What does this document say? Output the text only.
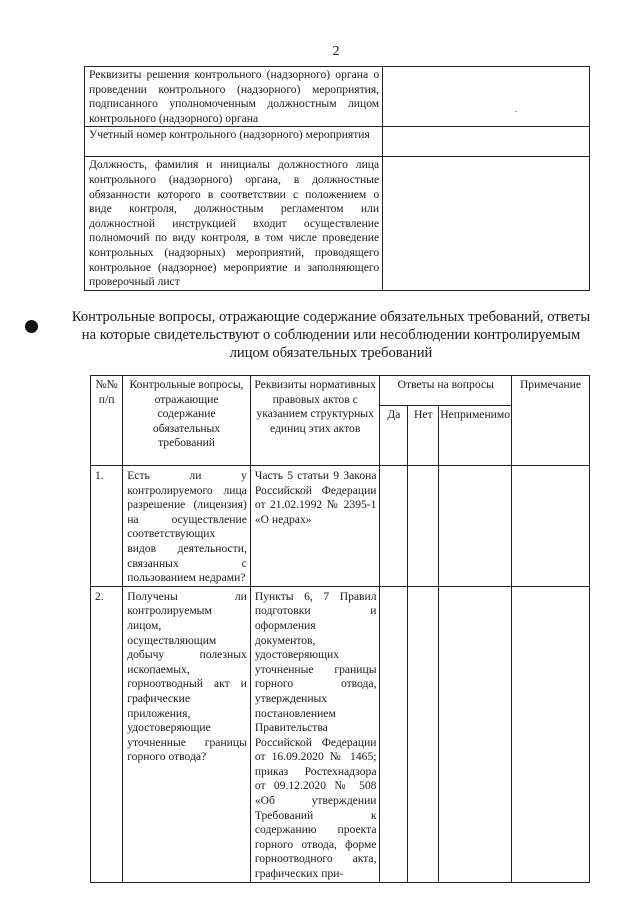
2
Реквизиты решения контрольного (надзорного) органа о проведении контрольного (надзорного) мероприятия, подписанного уполномоченным должностным лицом контрольного (надзорного) органа	.

Учетный номер контрольного (надзорного) мероприятия	
Должность, фамилия и инициалы должностного лица контрольного (надзорного) органа, в должностные обязанности которого в соответствии с положением о виде контроля, должностным регламентом или должностной инструкцией входит осуществление полномочий по виду контроля, в том числе проведение контрольных (надзорных) мероприятий, проводящего контрольное (надзорное) мероприятие и заполняющего проверочный лист	
Контрольные вопросы, отражающие содержание обязательных требований, ответы на которые свидетельствуют о соблюдении или несоблюдении контролируемым лицом обязательных требований
№№ п/п	Контрольные вопросы, отражающие содержание обязательных требований	Реквизиты нормативных правовых актов с указанием структурных единиц этих актов	Ответы на вопросы			Примечание
			Да	Нет	Неприменимо	
1.	Есть ли у контролируемого лица разрешение (лицензия) на осуществление соответствующих видов деятельности, связанных с пользованием недрами?	Часть 5 статьи 9 Закона Российской Федерации от 21.02.1992 № 2395-1 «О недрах»				
2.	Получены ли контролируемым лицом, осуществляющим добычу полезных ископаемых, горноотводный акт и графические приложения, удостоверяющие уточненные границы горного отвода?	Пункты 6, 7 Правил подготовки и оформления документов, удостоверяющих уточненные границы горного отвода, утвержденных постановлением Правительства Российской Федерации от 16.09.2020 № 1465; приказ Ростехнадзора от 09.12.2020 № 508 «Об утверждении Требований к содержанию проекта горного отвода, форме горноотводного акта, графических при-				
